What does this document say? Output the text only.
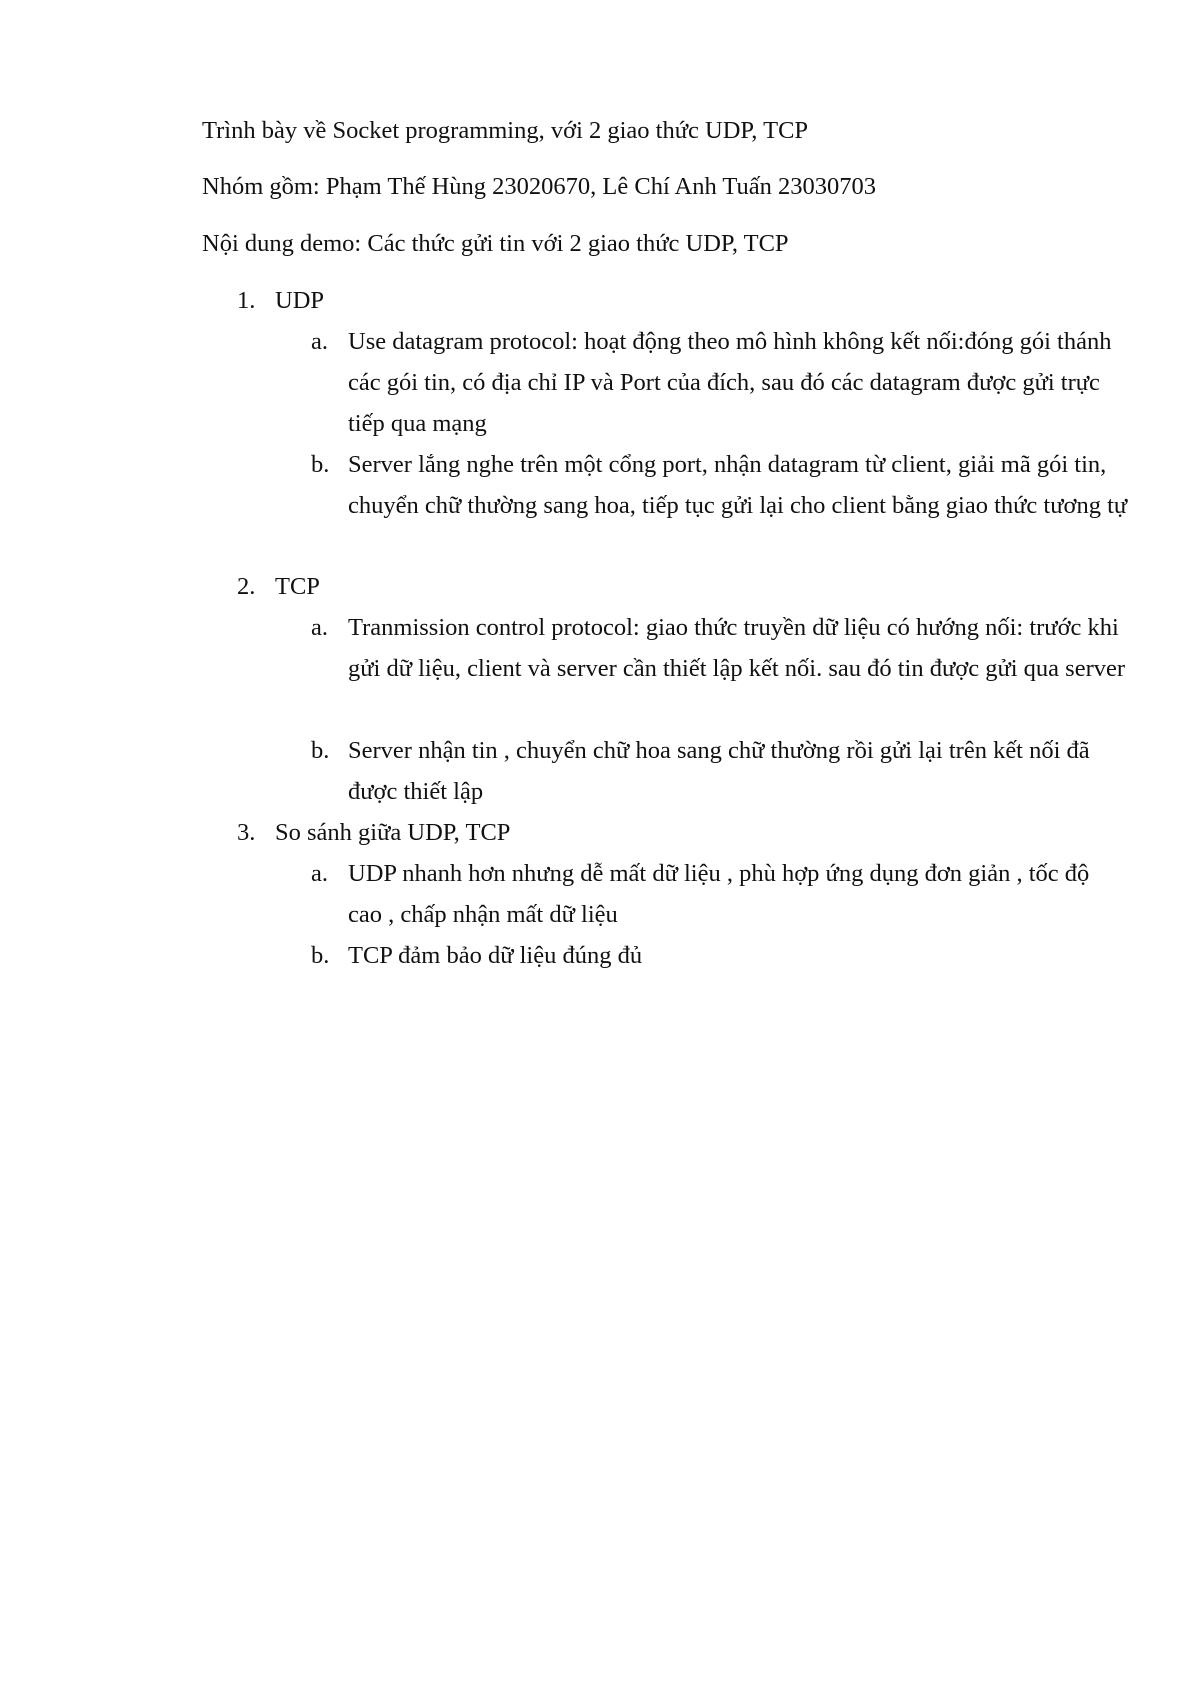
Trình bày về Socket programming, với 2 giao thức UDP, TCP
Nhóm gồm: Phạm Thế Hùng 23020670, Lê Chí Anh Tuấn 23030703
Nội dung demo: Các thức gửi tin với 2 giao thức UDP, TCP
1. UDP
a. Use datagram protocol: hoạt động theo mô hình không kết nối:đóng gói thánh các gói tin, có địa chỉ IP và Port của đích, sau đó các datagram được gửi trực tiếp qua mạng
b. Server lắng nghe trên một cổng port, nhận datagram từ client, giải mã gói tin, chuyển chữ thường sang hoa, tiếp tục gửi lại cho client bằng giao thức tương tự
2. TCP
a. Tranmission control protocol: giao thức truyền dữ liệu có hướng nối: trước khi gửi dữ liệu, client và server cần thiết lập kết nối. sau đó tin được gửi qua server
b. Server nhận tin , chuyển chữ hoa sang chữ thường rồi gửi lại trên kết nối đã được thiết lập
3. So sánh giữa UDP, TCP
a. UDP nhanh hơn nhưng dễ mất dữ liệu , phù hợp ứng dụng đơn giản , tốc độ cao , chấp nhận mất dữ liệu
b. TCP đảm bảo dữ liệu đúng đủ
